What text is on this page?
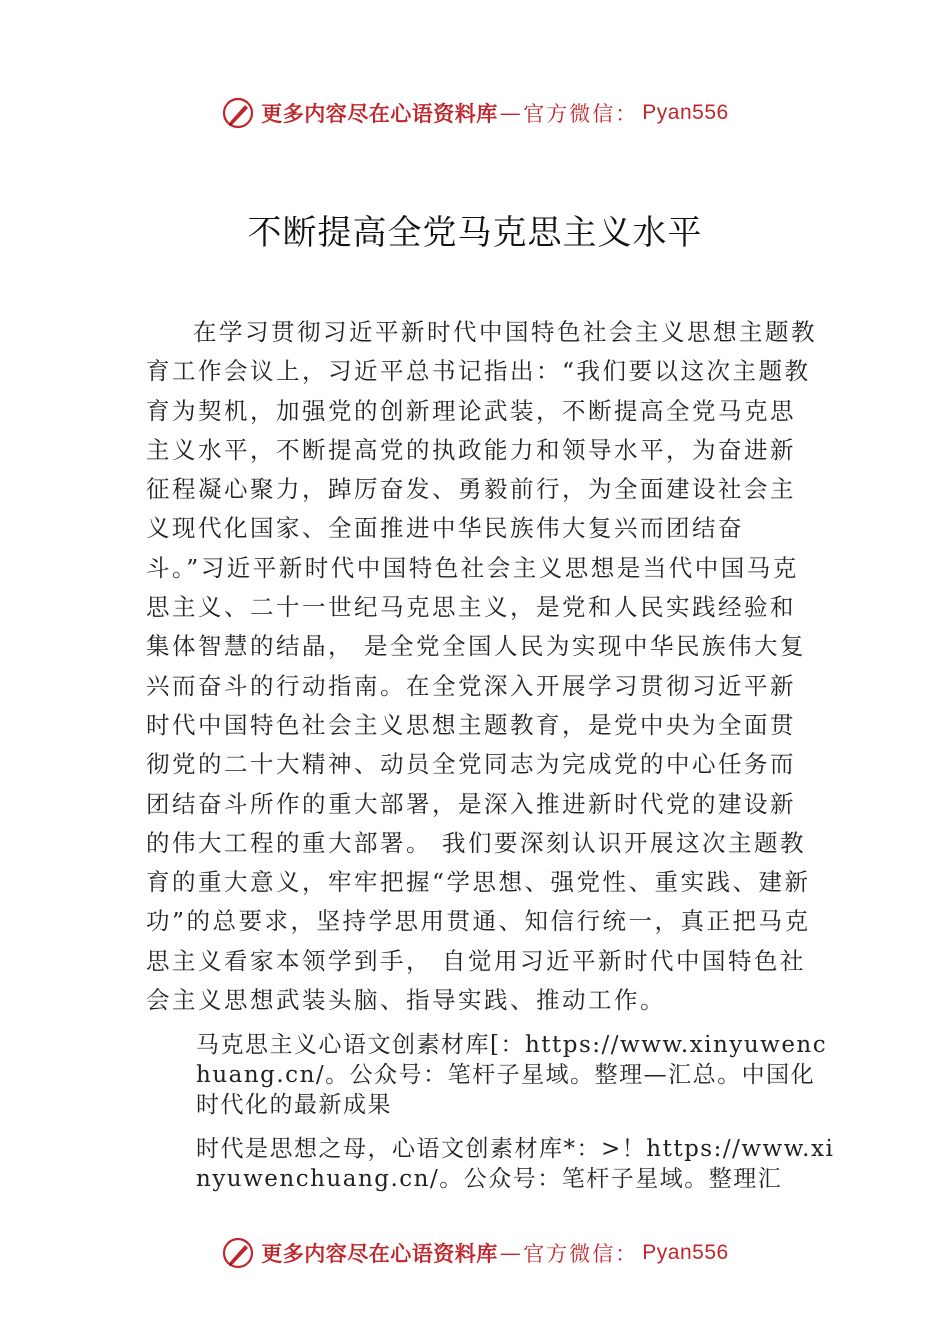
更多内容尽在心语资料库 — 官方微信： Pyan556
不断提高全党马克思主义水平

在学习贯彻习近平新时代中国特色社会主义思想主题教育工作会议上，习近平总书记指出：“我们要以这次主题教育为契机，加强党的创新理论武装，不断提高全党马克思主义水平，不断提高党的执政能力和领导水平，为奋进新征程凝心聚力，踔厉奋发、勇毅前行，为全面建设社会主义现代化国家、全面推进中华民族伟大复兴而团结奋斗。”习近平新时代中国特色社会主义思想是当代中国马克思主义、二十一世纪马克思主义，是党和人民实践经验和集体智慧的结晶， 是全党全国人民为实现中华民族伟大复兴而奋斗的行动指南。在全党深入开展学习贯彻习近平新时代中国特色社会主义思想主题教育，是党中央为全面贯彻党的二十大精神、动员全党同志为完成党的中心任务而团结奋斗所作的重大部署，是深入推进新时代党的建设新的伟大工程的重大部署。 我们要深刻认识开展这次主题教育的重大意义，牢牢把握“学思想、强党性、重实践、建新功”的总要求，坚持学思用贯通、知信行统一，真正把马克思主义看家本领学到手， 自觉用习近平新时代中国特色社会主义思想武装头脑、指导实践、推动工作。

马克思主义心语文创素材库[：https://www.xinyuwenchuang.cn/。公众号：笔杆子星域。整理—汇总。中国化时代化的最新成果

时代是思想之母，心语文创素材库*：>！https://www.xinyuwenchuang.cn/。公众号：笔杆子星域。整理汇

更多内容尽在心语资料库 — 官方微信： Pyan556
